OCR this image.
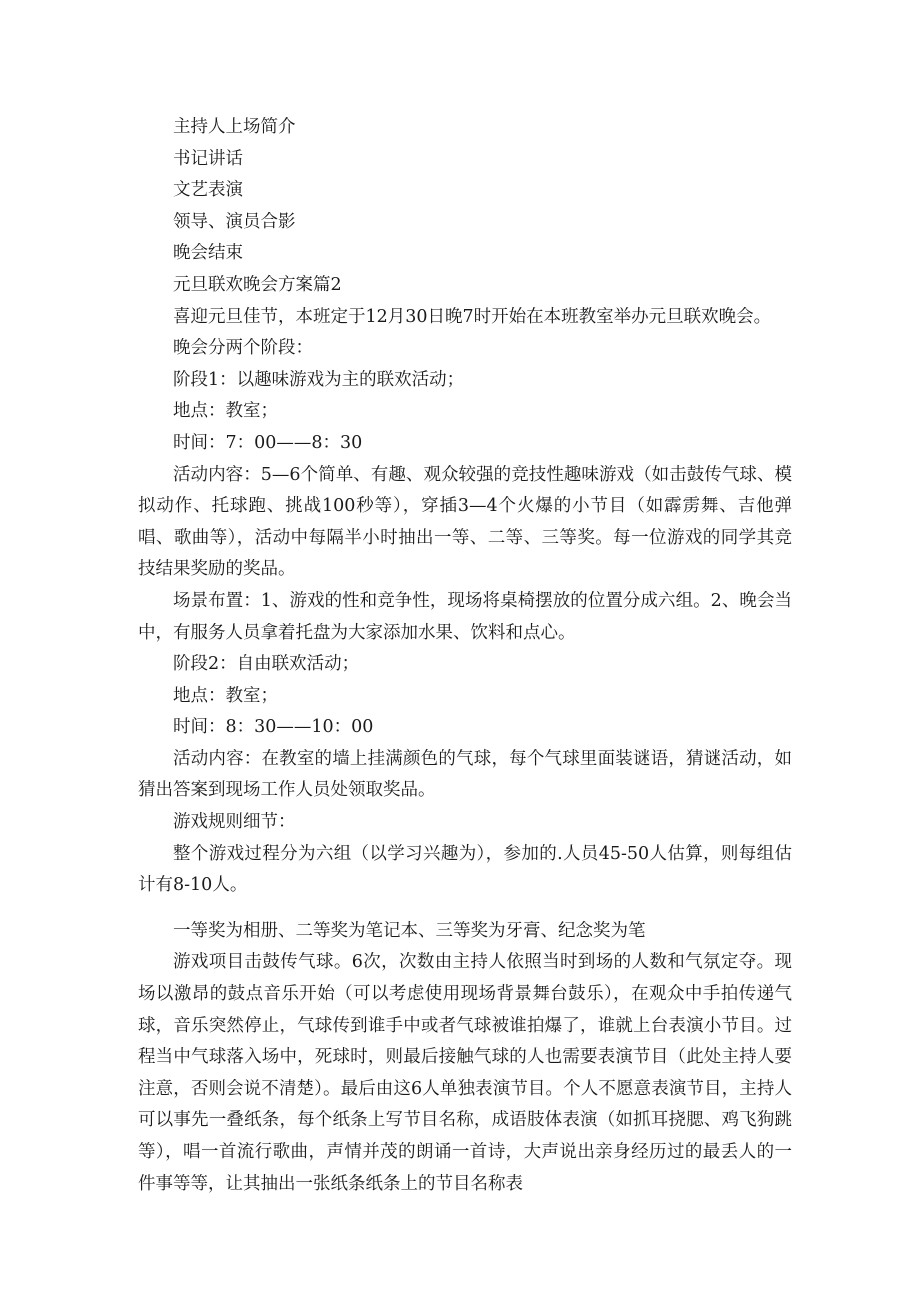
主持人上场简介

书记讲话

文艺表演

领导、演员合影

晚会结束

元旦联欢晚会方案篇2

喜迎元旦佳节，本班定于12月30日晚7时开始在本班教室举办元旦联欢晚会。

晚会分两个阶段：

阶段1：以趣味游戏为主的联欢活动；

地点：教室；

时间：7：00——8：30

活动内容：5—6个简单、有趣、观众较强的竞技性趣味游戏（如击鼓传气球、模拟动作、托球跑、挑战100秒等），穿插3—4个火爆的小节目（如霹雳舞、吉他弹唱、歌曲等），活动中每隔半小时抽出一等、二等、三等奖。每一位游戏的同学其竞技结果奖励的奖品。

场景布置：1、游戏的性和竞争性，现场将桌椅摆放的位置分成六组。2、晚会当中，有服务人员拿着托盘为大家添加水果、饮料和点心。

阶段2：自由联欢活动；

地点：教室；

时间：8：30——10：00

活动内容：在教室的墙上挂满颜色的气球，每个气球里面装谜语，猜谜活动，如猜出答案到现场工作人员处领取奖品。

游戏规则细节：

整个游戏过程分为六组（以学习兴趣为），参加的.人员45-50人估算，则每组估计有8-10人。

一等奖为相册、二等奖为笔记本、三等奖为牙膏、纪念奖为笔

游戏项目击鼓传气球。6次，次数由主持人依照当时到场的人数和气氛定夺。现场以激昂的鼓点音乐开始（可以考虑使用现场背景舞台鼓乐），在观众中手拍传递气球，音乐突然停止，气球传到谁手中或者气球被谁拍爆了，谁就上台表演小节目。过程当中气球落入场中，死球时，则最后接触气球的人也需要表演节目（此处主持人要注意，否则会说不清楚）。最后由这6人单独表演节目。个人不愿意表演节目，主持人可以事先一叠纸条，每个纸条上写节目名称，成语肢体表演（如抓耳挠腮、鸡飞狗跳等），唱一首流行歌曲，声情并茂的朗诵一首诗，大声说出亲身经历过的最丢人的一件事等等，让其抽出一张纸条纸条上的节目名称表
